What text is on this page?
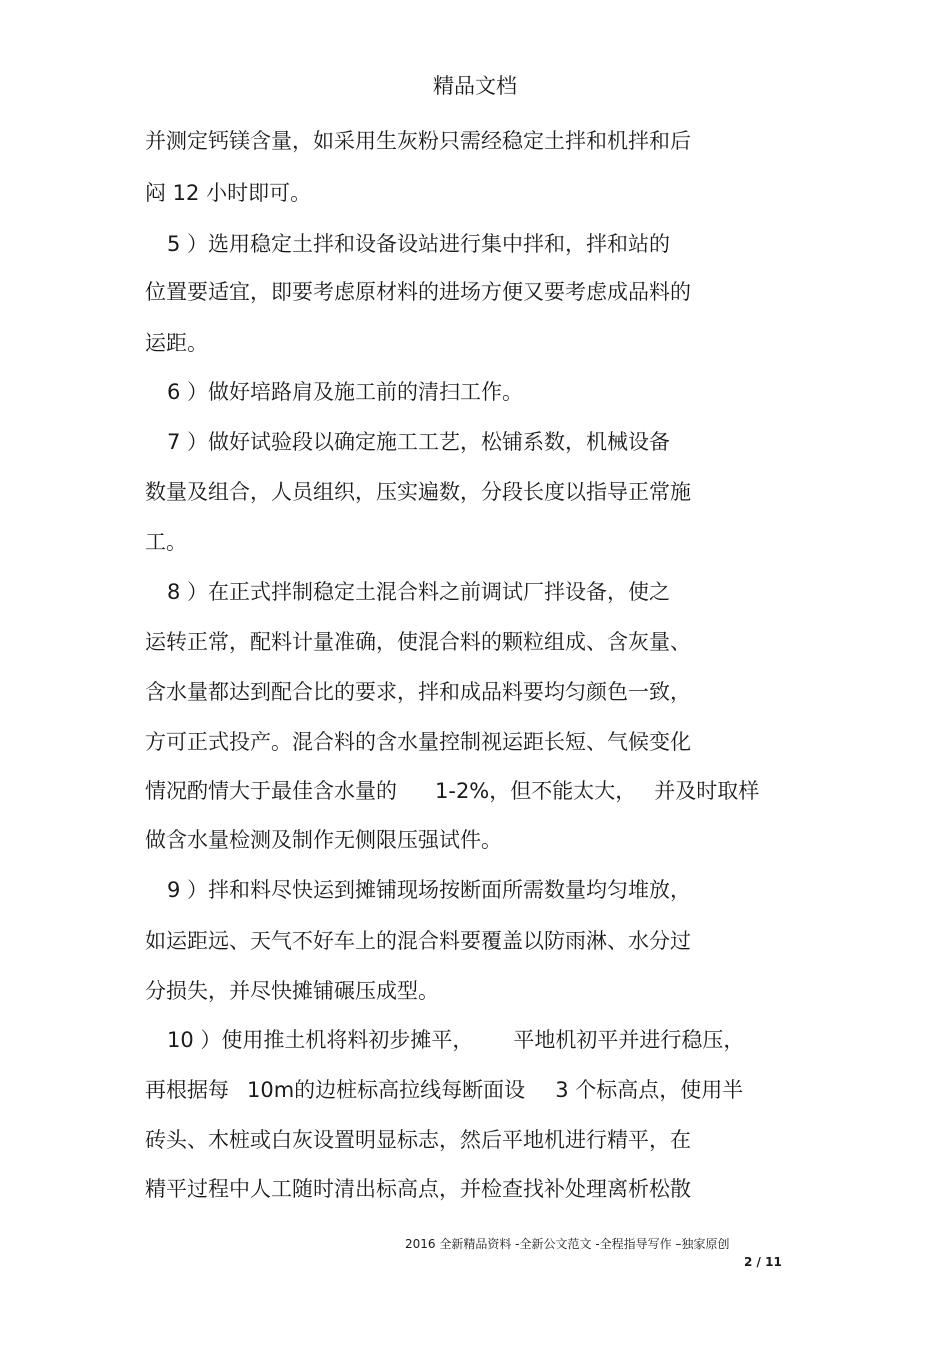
精品文档
并测定钙镁含量，如采用生灰粉只需经稳定土拌和机拌和后
闷 12 小时即可。
5 ）选用稳定土拌和设备设站进行集中拌和，拌和站的
位置要适宜，即要考虑原材料的进场方便又要考虑成品料的
运距。
6 ）做好培路肩及施工前的清扫工作。
7 ）做好试验段以确定施工工艺，松铺系数，机械设备
数量及组合，人员组织，压实遍数，分段长度以指导正常施
工。
8 ）在正式拌制稳定土混合料之前调试厂拌设备，使之
运转正常，配料计量准确，使混合料的颗粒组成、含灰量、
含水量都达到配合比的要求，拌和成品料要均匀颜色一致，
方可正式投产。混合料的含水量控制视运距长短、气候变化
情况酌情大于最佳含水量的 1-2%，但不能太大， 并及时取样
做含水量检测及制作无侧限压强试件。
9 ）拌和料尽快运到摊铺现场按断面所需数量均匀堆放，
如运距远、天气不好车上的混合料要覆盖以防雨淋、水分过
分损失，并尽快摊铺碾压成型。
10 ）使用推土机将料初步摊平， 平地机初平并进行稳压，
再根据每 10m的边桩标高拉线每断面设 3 个标高点，使用半
砖头、木桩或白灰设置明显标志，然后平地机进行精平，在
精平过程中人工随时清出标高点，并检查找补处理离析松散
2016 全新精品资料 -全新公文范文 -全程指导写作 –独家原创
2 / 11
